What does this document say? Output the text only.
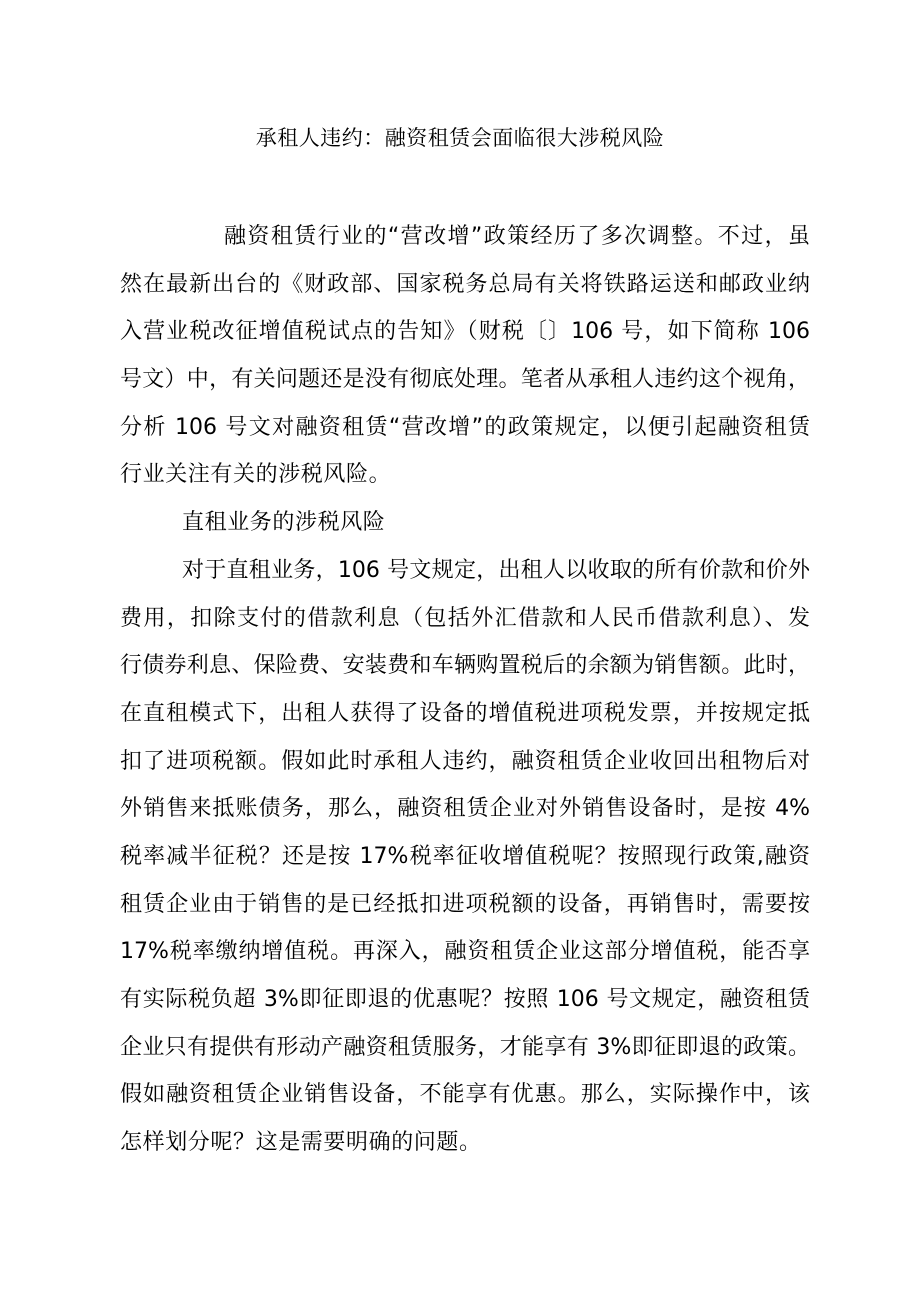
承租人违约：融资租赁会面临很大涉税风险
融资租赁行业的“营改增”政策经历了多次调整。不过，虽
然在最新出台的《财政部、国家税务总局有关将铁路运送和邮政业纳
入营业税改征增值税试点的告知》（财税〔〕106 号，如下简称 106
号文）中，有关问题还是没有彻底处理。笔者从承租人违约这个视角，
分析 106 号文对融资租赁“营改增”的政策规定，以便引起融资租赁
行业关注有关的涉税风险。
直租业务的涉税风险
对于直租业务，106 号文规定，出租人以收取的所有价款和价外
费用，扣除支付的借款利息（包括外汇借款和人民币借款利息）、发
行债券利息、保险费、安装费和车辆购置税后的余额为销售额。此时，
在直租模式下，出租人获得了设备的增值税进项税发票，并按规定抵
扣了进项税额。假如此时承租人违约，融资租赁企业收回出租物后对
外销售来抵账债务，那么，融资租赁企业对外销售设备时，是按 4%
税率减半征税？还是按 17%税率征收增值税呢？按照现行政策,融资
租赁企业由于销售的是已经抵扣进项税额的设备，再销售时，需要按
17%税率缴纳增值税。再深入，融资租赁企业这部分增值税，能否享
有实际税负超 3%即征即退的优惠呢？按照 106 号文规定，融资租赁
企业只有提供有形动产融资租赁服务，才能享有 3%即征即退的政策。
假如融资租赁企业销售设备，不能享有优惠。那么，实际操作中，该
怎样划分呢？这是需要明确的问题。
